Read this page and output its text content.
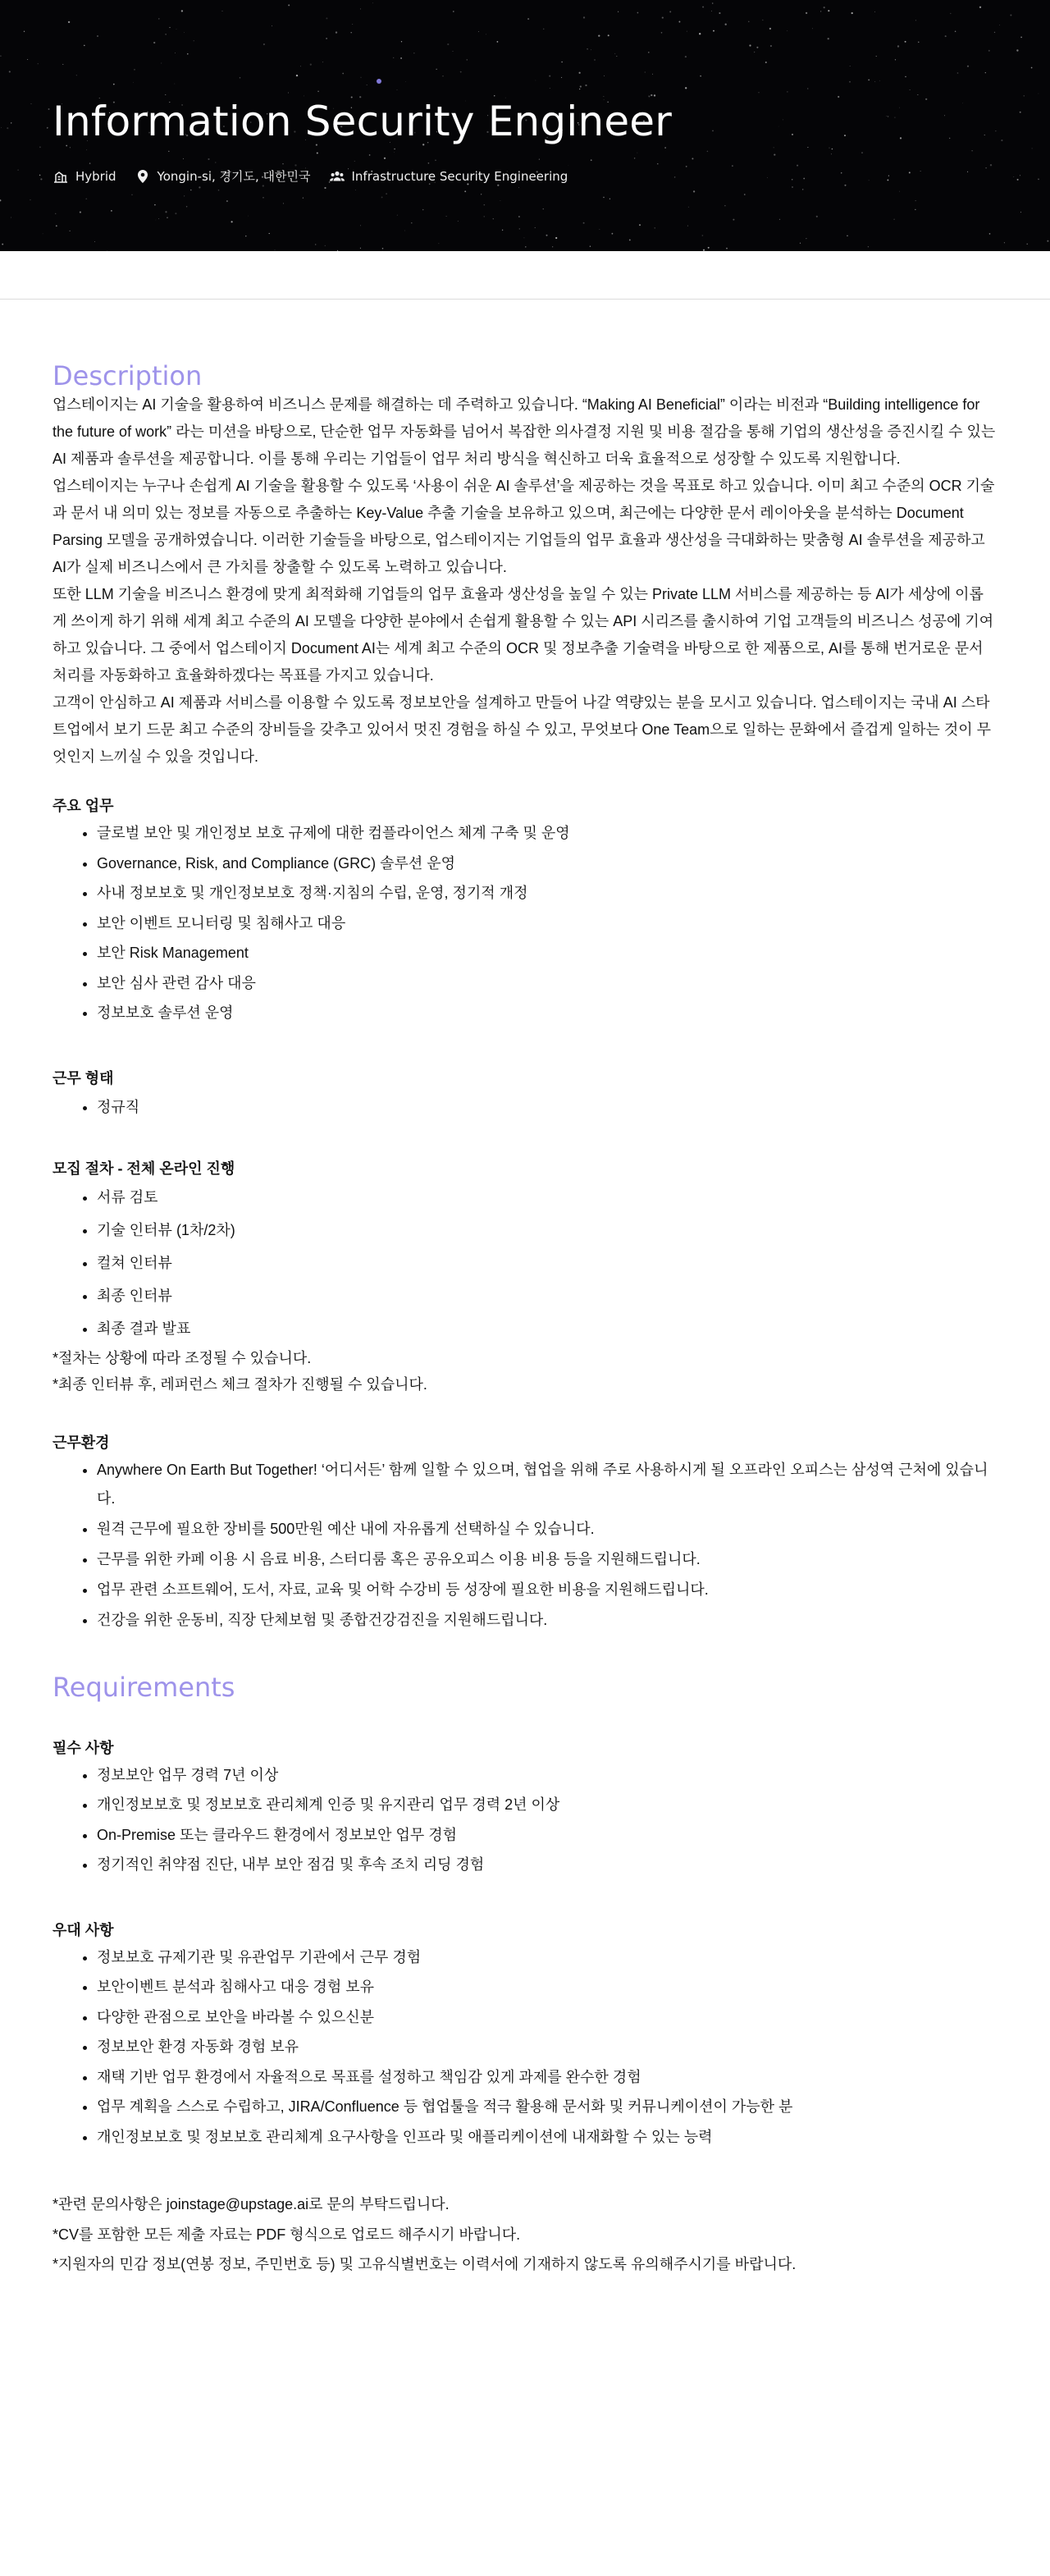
Information Security Engineer
Hybrid	Yongin-si, 경기도, 대한민국	Infrastructure Security Engineering
Description

업스테이지는 AI 기술을 활용하여 비즈니스 문제를 해결하는 데 주력하고 있습니다. “Making AI Beneficial” 이라는 비전과 “Building intelligence for the future of work” 라는 미션을 바탕으로, 단순한 업무 자동화를 넘어서 복잡한 의사결정 지원 및 비용 절감을 통해 기업의 생산성을 증진시킬 수 있는 AI 제품과 솔루션을 제공합니다. 이를 통해 우리는 기업들이 업무 처리 방식을 혁신하고 더욱 효율적으로 성장할 수 있도록 지원합니다.

업스테이지는 누구나 손쉽게 AI 기술을 활용할 수 있도록 ‘사용이 쉬운 AI 솔루션’을 제공하는 것을 목표로 하고 있습니다. 이미 최고 수준의 OCR 기술과 문서 내 의미 있는 정보를 자동으로 추출하는 Key-Value 추출 기술을 보유하고 있으며, 최근에는 다양한 문서 레이아웃을 분석하는 Document Parsing 모델을 공개하였습니다. 이러한 기술들을 바탕으로, 업스테이지는 기업들의 업무 효율과 생산성을 극대화하는 맞춤형 AI 솔루션을 제공하고 AI가 실제 비즈니스에서 큰 가치를 창출할 수 있도록 노력하고 있습니다.

또한 LLM 기술을 비즈니스 환경에 맞게 최적화해 기업들의 업무 효율과 생산성을 높일 수 있는 Private LLM 서비스를 제공하는 등 AI가 세상에 이롭게 쓰이게 하기 위해 세계 최고 수준의 AI 모델을 다양한 분야에서 손쉽게 활용할 수 있는 API 시리즈를 출시하여 기업 고객들의 비즈니스 성공에 기여하고 있습니다. 그 중에서 업스테이지 Document AI는 세계 최고 수준의 OCR 및 정보추출 기술력을 바탕으로 한 제품으로, AI를 통해 번거로운 문서 처리를 자동화하고 효율화하겠다는 목표를 가지고 있습니다.

고객이 안심하고 AI 제품과 서비스를 이용할 수 있도록 정보보안을 설계하고 만들어 나갈 역량있는 분을 모시고 있습니다. 업스테이지는 국내 AI 스타트업에서 보기 드문 최고 수준의 장비들을 갖추고 있어서 멋진 경험을 하실 수 있고, 무엇보다 One Team으로 일하는 문화에서 즐겁게 일하는 것이 무엇인지 느끼실 수 있을 것입니다.

주요 업무
• 글로벌 보안 및 개인정보 보호 규제에 대한 컴플라이언스 체계 구축 및 운영
• Governance, Risk, and Compliance (GRC) 솔루션 운영
• 사내 정보보호 및 개인정보보호 정책·지침의 수립, 운영, 정기적 개정
• 보안 이벤트 모니터링 및 침해사고 대응
• 보안 Risk Management
• 보안 심사 관련 감사 대응
• 정보보호 솔루션 운영
근무 형태
• 정규직
모집 절차 - 전체 온라인 진행
• 서류 검토
• 기술 인터뷰 (1차/2차)
• 컬쳐 인터뷰
• 최종 인터뷰
• 최종 결과 발표

*절차는 상황에 따라 조정될 수 있습니다.

*최종 인터뷰 후, 레퍼런스 체크 절차가 진행될 수 있습니다.

근무환경
• Anywhere On Earth But Together! ‘어디서든’ 함께 일할 수 있으며, 협업을 위해 주로 사용하시게 될 오프라인 오피스는 삼성역 근처에 있습니다.
• 원격 근무에 필요한 장비를 500만원 예산 내에 자유롭게 선택하실 수 있습니다.
• 근무를 위한 카페 이용 시 음료 비용, 스터디룸 혹은 공유오피스 이용 비용 등을 지원해드립니다.
• 업무 관련 소프트웨어, 도서, 자료, 교육 및 어학 수강비 등 성장에 필요한 비용을 지원해드립니다.
• 건강을 위한 운동비, 직장 단체보험 및 종합건강검진을 지원해드립니다.
Requirements
필수 사항
• 정보보안 업무 경력 7년 이상
• 개인정보보호 및 정보보호 관리체계 인증 및 유지관리 업무 경력 2년 이상
• On-Premise 또는 클라우드 환경에서 정보보안 업무 경험
• 정기적인 취약점 진단, 내부 보안 점검 및 후속 조치 리딩 경험
우대 사항
• 정보보호 규제기관 및 유관업무 기관에서 근무 경험
• 보안이벤트 분석과 침해사고 대응 경험 보유
• 다양한 관점으로 보안을 바라볼 수 있으신분
• 정보보안 환경 자동화 경험 보유
• 재택 기반 업무 환경에서 자율적으로 목표를 설정하고 책임감 있게 과제를 완수한 경험
• 업무 계획을 스스로 수립하고, JIRA/Confluence 등 협업툴을 적극 활용해 문서화 및 커뮤니케이션이 가능한 분
• 개인정보보호 및 정보보호 관리체계 요구사항을 인프라 및 애플리케이션에 내재화할 수 있는 능력

*관련 문의사항은 joinstage@upstage.ai로 문의 부탁드립니다.

*CV를 포함한 모든 제출 자료는 PDF 형식으로 업로드 해주시기 바랍니다.

*지원자의 민감 정보(연봉 정보, 주민번호 등) 및 고유식별번호는 이력서에 기재하지 않도록 유의해주시기를 바랍니다.
